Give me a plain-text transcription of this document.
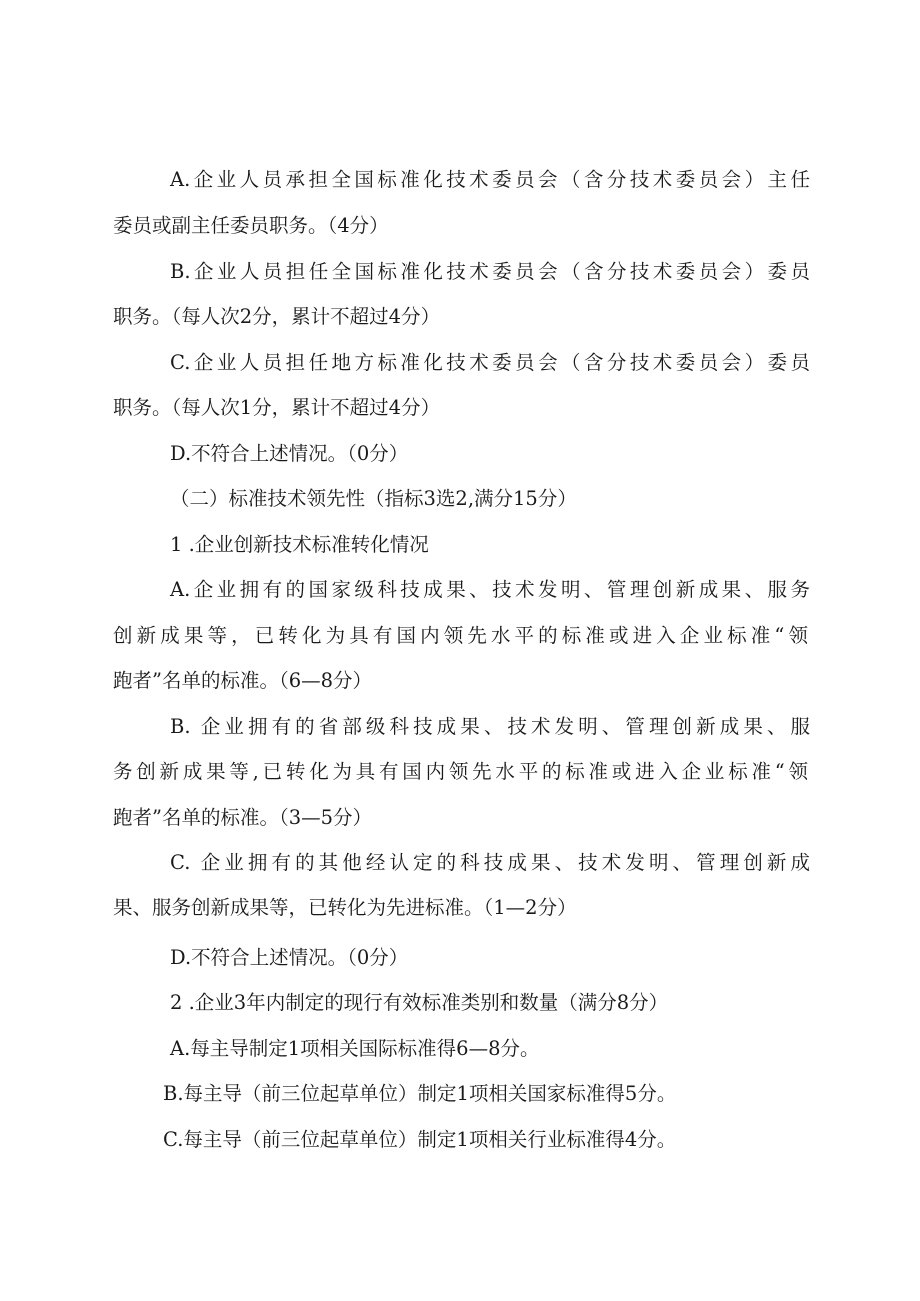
A.企业人员承担全国标准化技术委员会（含分技术委员会）主任
委员或副主任委员职务。（4分）
B.企业人员担任全国标准化技术委员会（含分技术委员会）委员
职务。（每人次2分，累计不超过4分）
C.企业人员担任地方标准化技术委员会（含分技术委员会）委员
职务。（每人次1分，累计不超过4分）
D.不符合上述情况。（0分）
（二）标准技术领先性（指标3选2,满分15分）
1 .企业创新技术标准转化情况
A.企业拥有的国家级科技成果、技术发明、管理创新成果、服务
创新成果等，已转化为具有国内领先水平的标准或进入企业标准“领
跑者”名单的标准。（6—8分）
B. 企业拥有的省部级科技成果、技术发明、管理创新成果、服
务创新成果等,已转化为具有国内领先水平的标准或进入企业标准“领
跑者”名单的标准。（3—5分）
C. 企业拥有的其他经认定的科技成果、技术发明、管理创新成
果、服务创新成果等，已转化为先进标准。（1—2分）
D.不符合上述情况。（0分）
2 .企业3年内制定的现行有效标准类别和数量（满分8分）
A.每主导制定1项相关国际标准得6—8分。
B.每主导（前三位起草单位）制定1项相关国家标准得5分。
C.每主导（前三位起草单位）制定1项相关行业标准得4分。
